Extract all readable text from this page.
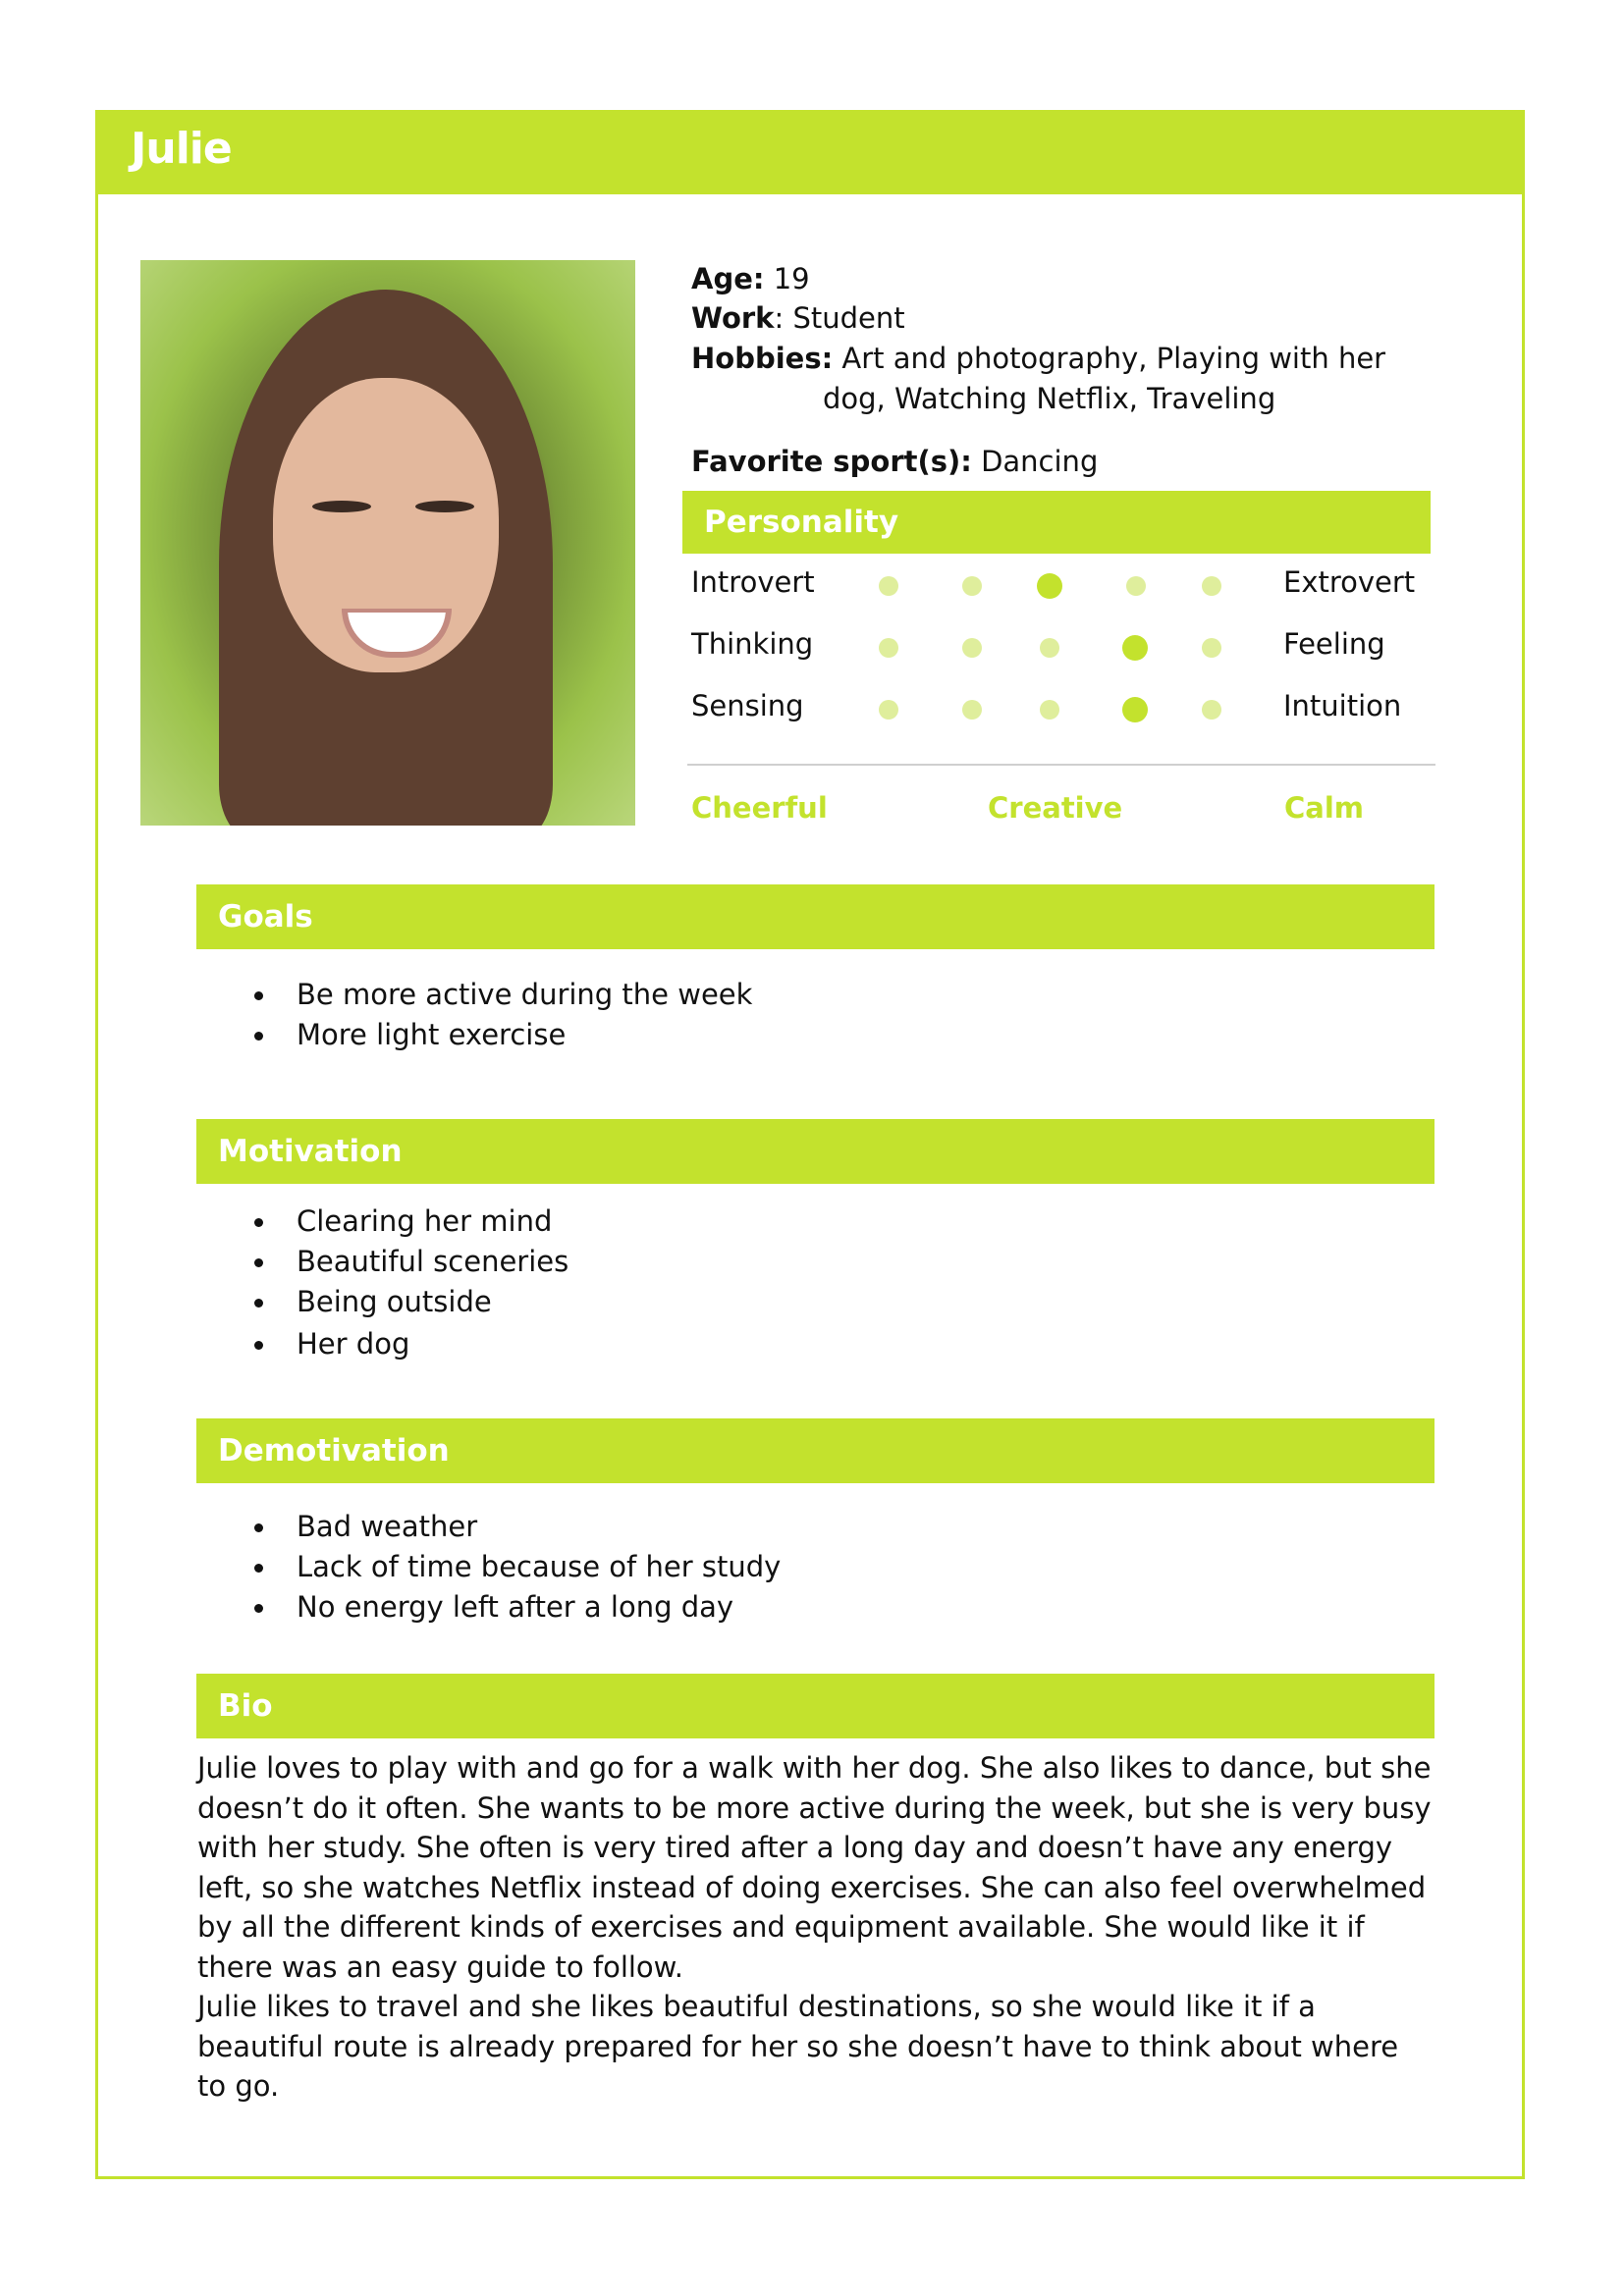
Julie
Age: 19
Work: Student
Hobbies: Art and photography, Playing with her
dog, Watching Netflix, Traveling
Favorite sport(s): Dancing
Personality
Introvert	Extrovert
Thinking	Feeling
Sensing	Intuition
Cheerful	Creative	Calm
Goals
Be more active during the week
More light exercise
Motivation
Clearing her mind
Beautiful sceneries
Being outside
Her dog
Demotivation
Bad weather
Lack of time because of her study
No energy left after a long day
Bio

Julie loves to play with and go for a walk with her dog. She also likes to dance, but she doesn’t do it often. She wants to be more active during the week, but she is very busy with her study. She often is very tired after a long day and doesn’t have any energy left, so she watches Netflix instead of doing exercises. She can also feel overwhelmed by all the different kinds of exercises and equipment available. She would like it if there was an easy guide to follow.

Julie likes to travel and she likes beautiful destinations, so she would like it if a beautiful route is already prepared for her so she doesn’t have to think about where to go.
